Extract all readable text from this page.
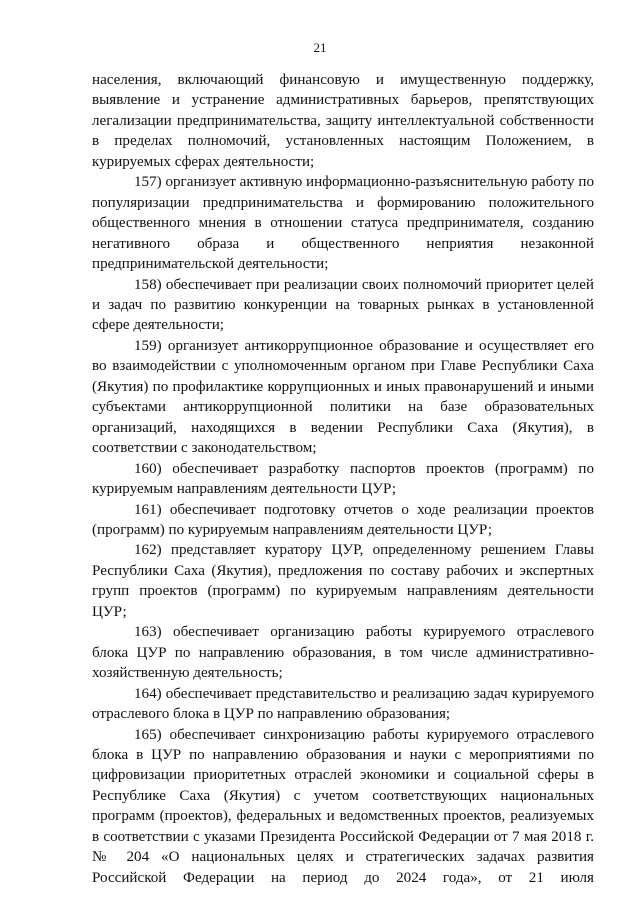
21

населения, включающий финансовую и имущественную поддержку, выявление и устранение административных барьеров, препятствующих легализации предпринимательства, защиту интеллектуальной собственности в пределах полномочий, установленных настоящим Положением, в курируемых сферах деятельности;

157) организует активную информационно-разъяснительную работу по популяризации предпринимательства и формированию положительного общественного мнения в отношении статуса предпринимателя, созданию негативного образа и общественного неприятия незаконной предпринимательской деятельности;

158) обеспечивает при реализации своих полномочий приоритет целей и задач по развитию конкуренции на товарных рынках в установленной сфере деятельности;

159) организует антикоррупционное образование и осуществляет его во взаимодействии с уполномоченным органом при Главе Республики Саха (Якутия) по профилактике коррупционных и иных правонарушений и иными субъектами антикоррупционной политики на базе образовательных организаций, находящихся в ведении Республики Саха (Якутия), в соответствии с законодательством;

160) обеспечивает разработку паспортов проектов (программ) по курируемым направлениям деятельности ЦУР;

161) обеспечивает подготовку отчетов о ходе реализации проектов (программ) по курируемым направлениям деятельности ЦУР;

162) представляет куратору ЦУР, определенному решением Главы Республики Саха (Якутия), предложения по составу рабочих и экспертных групп проектов (программ) по курируемым направлениям деятельности ЦУР;

163) обеспечивает организацию работы курируемого отраслевого блока ЦУР по направлению образования, в том числе административно-хозяйственную деятельность;

164) обеспечивает представительство и реализацию задач курируемого отраслевого блока в ЦУР по направлению образования;

165) обеспечивает синхронизацию работы курируемого отраслевого блока в ЦУР по направлению образования и науки с мероприятиями по цифровизации приоритетных отраслей экономики и социальной сферы в Республике Саха (Якутия) с учетом соответствующих национальных программ (проектов), федеральных и ведомственных проектов, реализуемых в соответствии с указами Президента Российской Федерации от 7 мая 2018 г. № 204 «О национальных целях и стратегических задачах развития Российской Федерации на период до 2024 года», от 21 июля
